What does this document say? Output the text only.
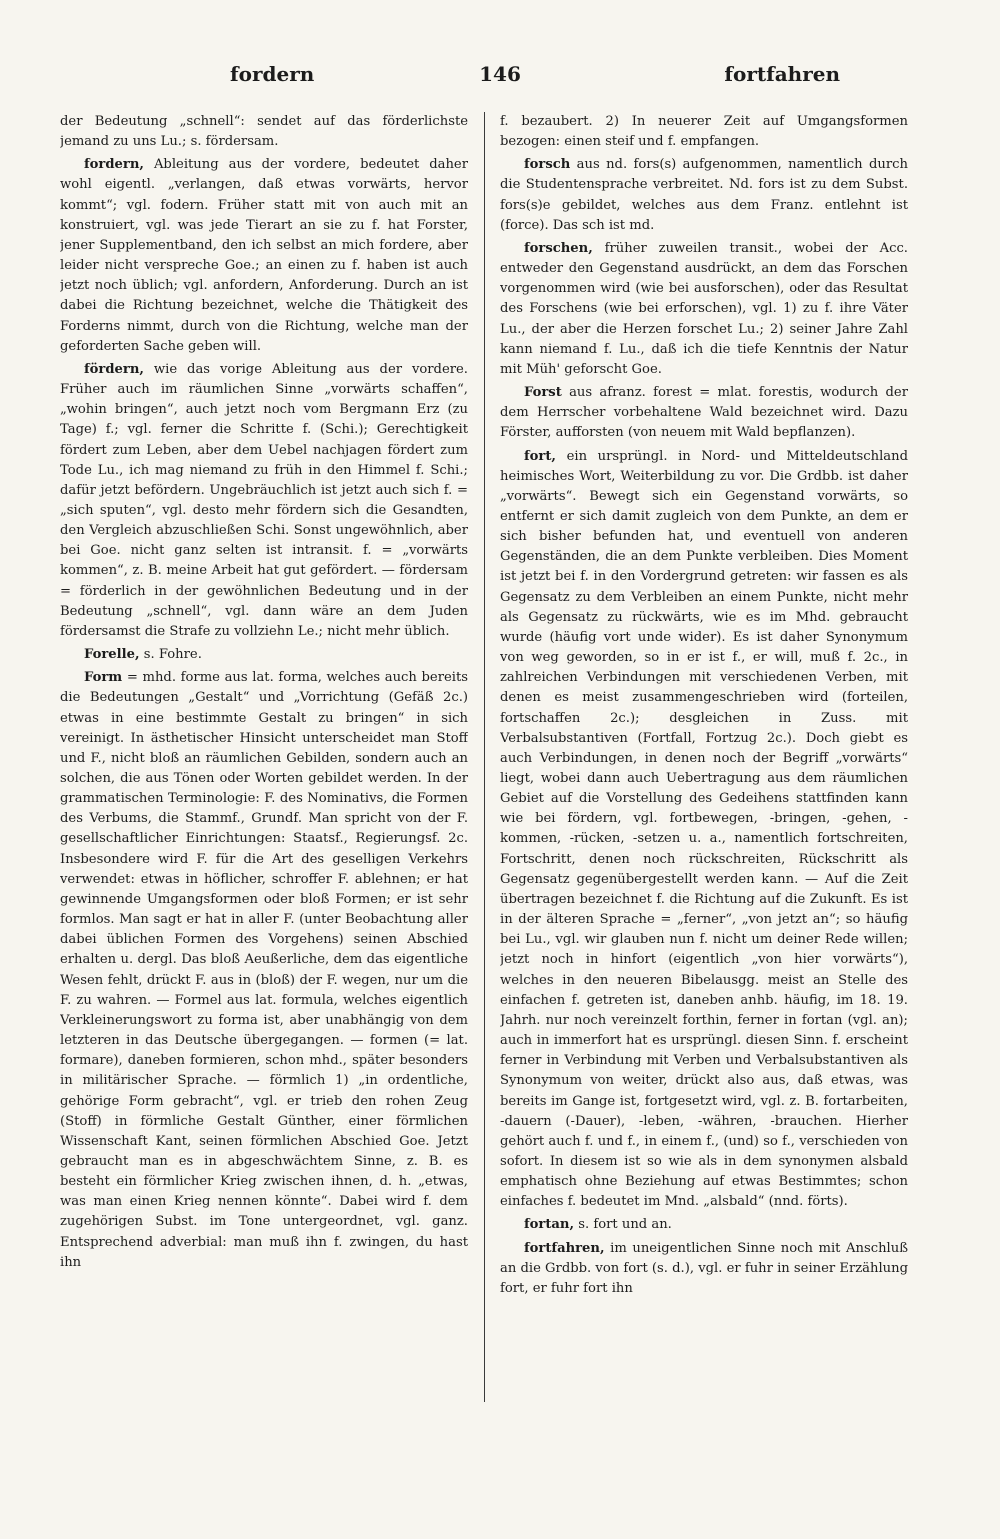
fordern	146	fortfahren

der Bedeutung „schnell“: sendet auf das förderlichste jemand zu uns Lu.; s. fördersam.

fordern, Ableitung aus der vordere, bedeutet daher wohl eigentl. „verlangen, daß etwas vorwärts, hervor kommt“; vgl. fodern. Früher statt mit von auch mit an konstruiert, vgl. was jede Tierart an sie zu f. hat Forster, jener Supplementband, den ich selbst an mich fordere, aber leider nicht verspreche Goe.; an einen zu f. haben ist auch jetzt noch üblich; vgl. anfordern, Anforderung. Durch an ist dabei die Richtung bezeichnet, welche die Thätigkeit des Forderns nimmt, durch von die Richtung, welche man der geforderten Sache geben will.

fördern, wie das vorige Ableitung aus der vordere. Früher auch im räumlichen Sinne „vorwärts schaffen“, „wohin bringen“, auch jetzt noch vom Bergmann Erz (zu Tage) f.; vgl. ferner die Schritte f. (Schi.); Gerechtigkeit fördert zum Leben, aber dem Uebel nachjagen fördert zum Tode Lu., ich mag niemand zu früh in den Himmel f. Schi.; dafür jetzt befördern. Ungebräuchlich ist jetzt auch sich f. = „sich sputen“, vgl. desto mehr fördern sich die Gesandten, den Vergleich abzuschließen Schi. Sonst ungewöhnlich, aber bei Goe. nicht ganz selten ist intransit. f. = „vorwärts kommen“, z. B. meine Arbeit hat gut gefördert. — fördersam = förderlich in der gewöhnlichen Bedeutung und in der Bedeutung „schnell“, vgl. dann wäre an dem Juden fördersamst die Strafe zu vollziehn Le.; nicht mehr üblich.

Forelle, s. Fohre.

Form = mhd. forme aus lat. forma, welches auch bereits die Bedeutungen „Gestalt“ und „Vorrichtung (Gefäß 2c.) etwas in eine bestimmte Gestalt zu bringen“ in sich vereinigt. In ästhetischer Hinsicht unterscheidet man Stoff und F., nicht bloß an räumlichen Gebilden, sondern auch an solchen, die aus Tönen oder Worten gebildet werden. In der grammatischen Terminologie: F. des Nominativs, die Formen des Verbums, die Stammf., Grundf. Man spricht von der F. gesellschaftlicher Einrichtungen: Staatsf., Regierungsf. 2c. Insbesondere wird F. für die Art des geselligen Verkehrs verwendet: etwas in höflicher, schroffer F. ablehnen; er hat gewinnende Umgangsformen oder bloß Formen; er ist sehr formlos. Man sagt er hat in aller F. (unter Beobachtung aller dabei üblichen Formen des Vorgehens) seinen Abschied erhalten u. dergl. Das bloß Aeußerliche, dem das eigentliche Wesen fehlt, drückt F. aus in (bloß) der F. wegen, nur um die F. zu wahren. — Formel aus lat. formula, welches eigentlich Verkleinerungswort zu forma ist, aber unabhängig von dem letzteren in das Deutsche übergegangen. — formen (= lat. formare), daneben formieren, schon mhd., später besonders in militärischer Sprache. — förmlich 1) „in ordentliche, gehörige Form gebracht“, vgl. er trieb den rohen Zeug (Stoff) in förmliche Gestalt Günther, einer förmlichen Wissenschaft Kant, seinen förmlichen Abschied Goe. Jetzt gebraucht man es in abgeschwächtem Sinne, z. B. es besteht ein förmlicher Krieg zwischen ihnen, d. h. „etwas, was man einen Krieg nennen könnte“. Dabei wird f. dem zugehörigen Subst. im Tone untergeordnet, vgl. ganz. Entsprechend adverbial: man muß ihn f. zwingen, du hast ihn

f. bezaubert. 2) In neuerer Zeit auf Umgangsformen bezogen: einen steif und f. empfangen.

forsch aus nd. fors(s) aufgenommen, namentlich durch die Studentensprache verbreitet. Nd. fors ist zu dem Subst. fors(s)e gebildet, welches aus dem Franz. entlehnt ist (force). Das sch ist md.

forschen, früher zuweilen transit., wobei der Acc. entweder den Gegenstand ausdrückt, an dem das Forschen vorgenommen wird (wie bei ausforschen), oder das Resultat des Forschens (wie bei erforschen), vgl. 1) zu f. ihre Väter Lu., der aber die Herzen forschet Lu.; 2) seiner Jahre Zahl kann niemand f. Lu., daß ich die tiefe Kenntnis der Natur mit Müh' geforscht Goe.

Forst aus afranz. forest = mlat. forestis, wodurch der dem Herrscher vorbehaltene Wald bezeichnet wird. Dazu Förster, aufforsten (von neuem mit Wald bepflanzen).

fort, ein ursprüngl. in Nord- und Mitteldeutschland heimisches Wort, Weiterbildung zu vor. Die Grdbb. ist daher „vorwärts“. Bewegt sich ein Gegenstand vorwärts, so entfernt er sich damit zugleich von dem Punkte, an dem er sich bisher befunden hat, und eventuell von anderen Gegenständen, die an dem Punkte verbleiben. Dies Moment ist jetzt bei f. in den Vordergrund getreten: wir fassen es als Gegensatz zu dem Verbleiben an einem Punkte, nicht mehr als Gegensatz zu rückwärts, wie es im Mhd. gebraucht wurde (häufig vort unde wider). Es ist daher Synonymum von weg geworden, so in er ist f., er will, muß f. 2c., in zahlreichen Verbindungen mit verschiedenen Verben, mit denen es meist zusammengeschrieben wird (forteilen, fortschaffen 2c.); desgleichen in Zuss. mit Verbalsubstantiven (Fortfall, Fortzug 2c.). Doch giebt es auch Verbindungen, in denen noch der Begriff „vorwärts“ liegt, wobei dann auch Uebertragung aus dem räumlichen Gebiet auf die Vorstellung des Gedeihens stattfinden kann wie bei fördern, vgl. fortbewegen, -bringen, -gehen, -kommen, -rücken, -setzen u. a., namentlich fortschreiten, Fortschritt, denen noch rückschreiten, Rückschritt als Gegensatz gegenübergestellt werden kann. — Auf die Zeit übertragen bezeichnet f. die Richtung auf die Zukunft. Es ist in der älteren Sprache = „ferner“, „von jetzt an“; so häufig bei Lu., vgl. wir glauben nun f. nicht um deiner Rede willen; jetzt noch in hinfort (eigentlich „von hier vorwärts“), welches in den neueren Bibelausgg. meist an Stelle des einfachen f. getreten ist, daneben anhb. häufig, im 18. 19. Jahrh. nur noch vereinzelt forthin, ferner in fortan (vgl. an); auch in immerfort hat es ursprüngl. diesen Sinn. f. erscheint ferner in Verbindung mit Verben und Verbalsubstantiven als Synonymum von weiter, drückt also aus, daß etwas, was bereits im Gange ist, fortgesetzt wird, vgl. z. B. fortarbeiten, -dauern (-Dauer), -leben, -währen, -brauchen. Hierher gehört auch f. und f., in einem f., (und) so f., verschieden von sofort. In diesem ist so wie als in dem synonymen alsbald emphatisch ohne Beziehung auf etwas Bestimmtes; schon einfaches f. bedeutet im Mnd. „alsbald“ (nnd. förts).

fortan, s. fort und an.

fortfahren, im uneigentlichen Sinne noch mit Anschluß an die Grdbb. von fort (s. d.), vgl. er fuhr in seiner Erzählung fort, er fuhr fort ihn
